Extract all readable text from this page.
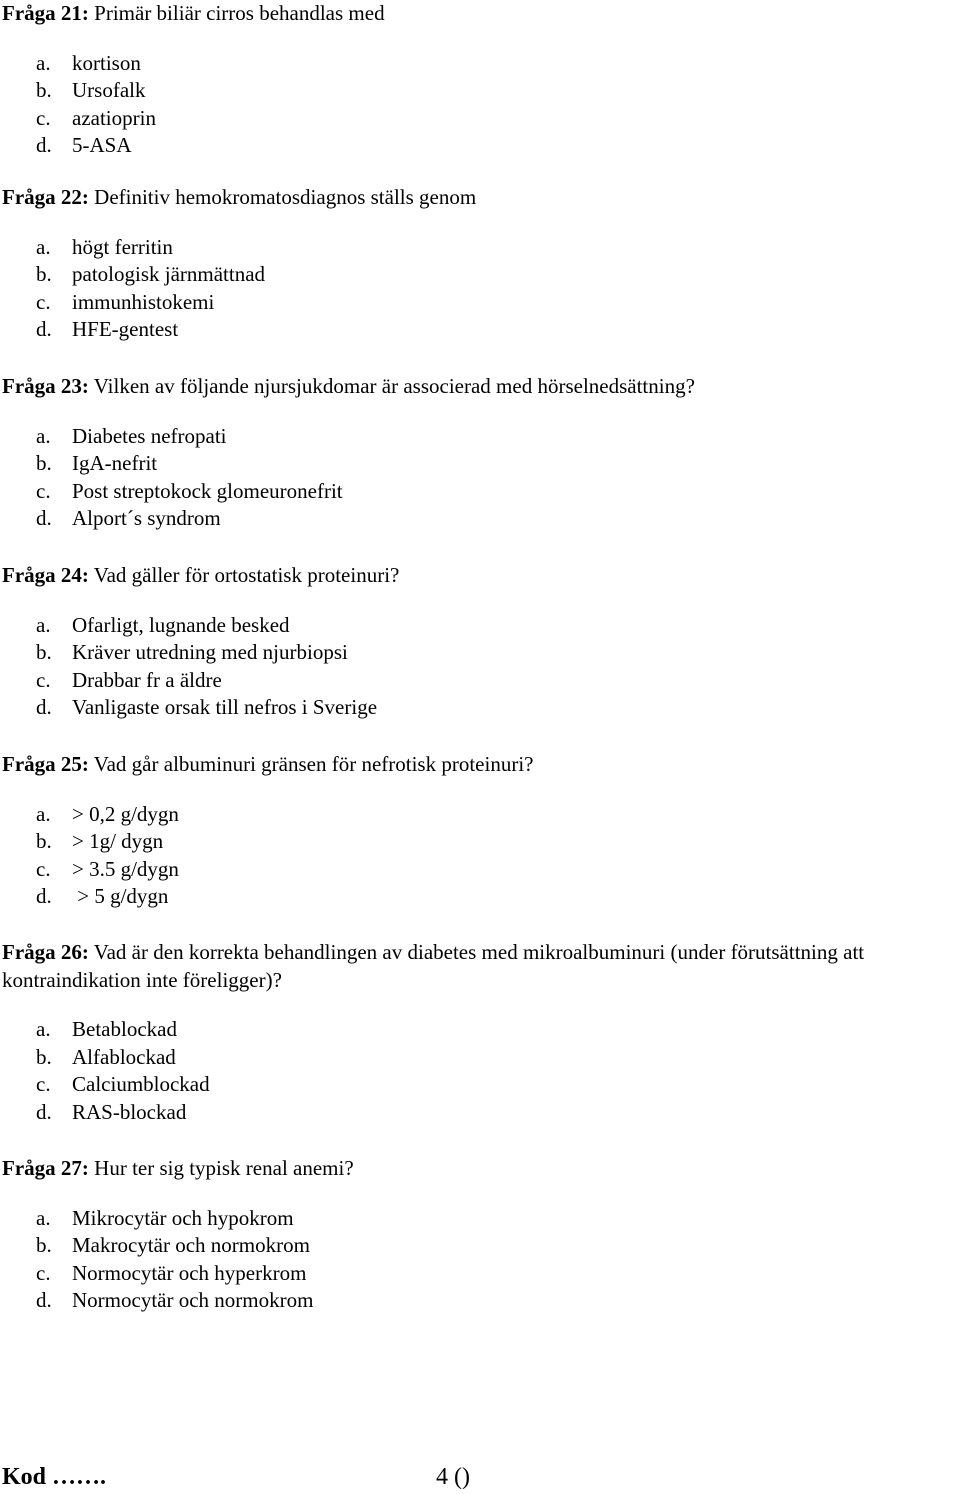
Fråga 21: Primär biliär cirros behandlas med

a. kortison
b. Ursofalk
c. azatioprin
d. 5-ASA

Fråga 22: Definitiv hemokromatosdiagnos ställs genom

a. högt ferritin
b. patologisk järnmättnad
c. immunhistokemi
d. HFE-gentest

Fråga 23: Vilken av följande njursjukdomar är associerad med hörselnedsättning?

a. Diabetes nefropati
b. IgA-nefrit
c. Post streptokock glomeuronefrit
d. Alport´s syndrom

Fråga 24: Vad gäller för ortostatisk proteinuri?

a. Ofarligt, lugnande besked
b. Kräver utredning med njurbiopsi
c. Drabbar fr a äldre
d. Vanligaste orsak till nefros i Sverige

Fråga 25: Vad går albuminuri gränsen för nefrotisk proteinuri?

a. > 0,2 g/dygn
b. > 1g/ dygn
c. > 3.5 g/dygn
d. > 5 g/dygn

Fråga 26: Vad är den korrekta behandlingen av diabetes med mikroalbuminuri (under förutsättning att kontraindikation inte föreligger)?

a. Betablockad
b. Alfablockad
c. Calciumblockad
d. RAS-blockad

Fråga 27: Hur ter sig typisk renal anemi?

a. Mikrocytär och hypokrom
b. Makrocytär och normokrom
c. Normocytär och hyperkrom
d. Normocytär och normokrom
Kod …….	4 ()
